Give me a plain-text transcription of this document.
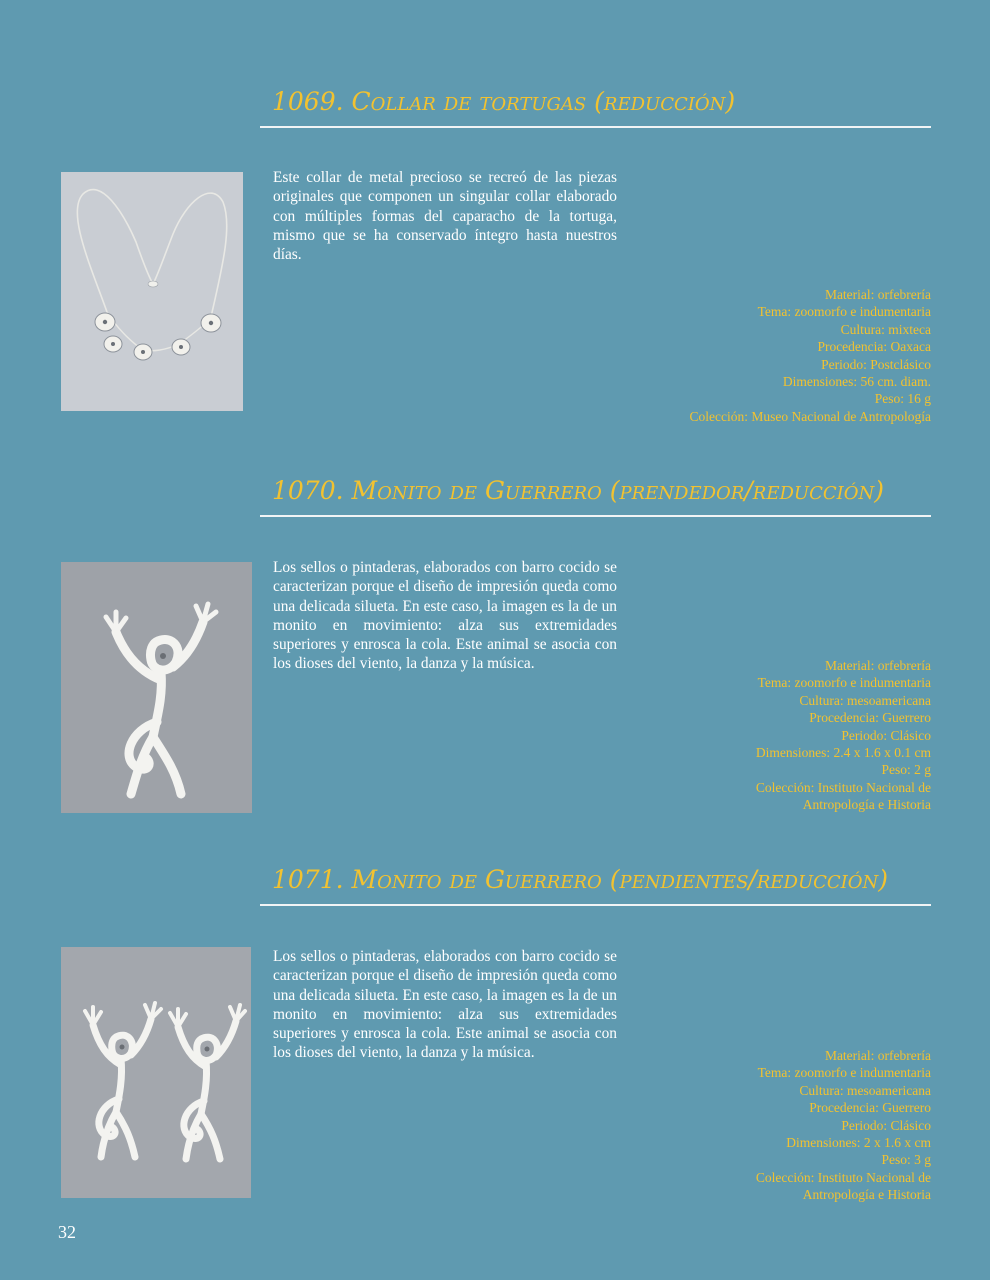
1069. Collar de tortugas (reducción)

Este collar de metal precioso se recreó de las piezas originales que componen un singular collar elaborado con múltiples formas del caparacho de la tortuga, mismo que se ha conservado íntegro hasta nuestros días.

Material: orfebrería
Tema: zoomorfo e indumentaria
Cultura: mixteca
Procedencia: Oaxaca
Periodo: Postclásico
Dimensiones: 56 cm. diam.
Peso: 16 g
Colección: Museo Nacional de Antropología
1070. Monito de Guerrero (prendedor/reducción)

Los sellos o pintaderas, elaborados con barro cocido se caracterizan porque el diseño de impresión queda como una delicada silueta. En este caso, la imagen es la de un monito en movimiento: alza sus extremidades superiores y enrosca la cola. Este animal se asocia con los dioses del viento, la danza y la música.	Material: orfebrería
Tema: zoomorfo e indumentaria
Cultura: mesoamericana
Procedencia: Guerrero
Periodo: Clásico
Dimensiones: 2.4 x 1.6 x 0.1 cm
Peso: 2 g
Colección: Instituto Nacional de
Antropología e Historia
1071. Monito de Guerrero (pendientes/reducción)

Los sellos o pintaderas, elaborados con barro cocido se caracterizan porque el diseño de impresión queda como una delicada silueta. En este caso, la imagen es la de un monito en movimiento: alza sus extremidades superiores y enrosca la cola. Este animal se asocia con los dioses del viento, la danza y la música.	Material: orfebrería
Tema: zoomorfo e indumentaria
Cultura: mesoamericana
Procedencia: Guerrero
Periodo: Clásico
Dimensiones: 2 x 1.6 x cm
Peso: 3 g
Colección: Instituto Nacional de
Antropología e Historia
32
